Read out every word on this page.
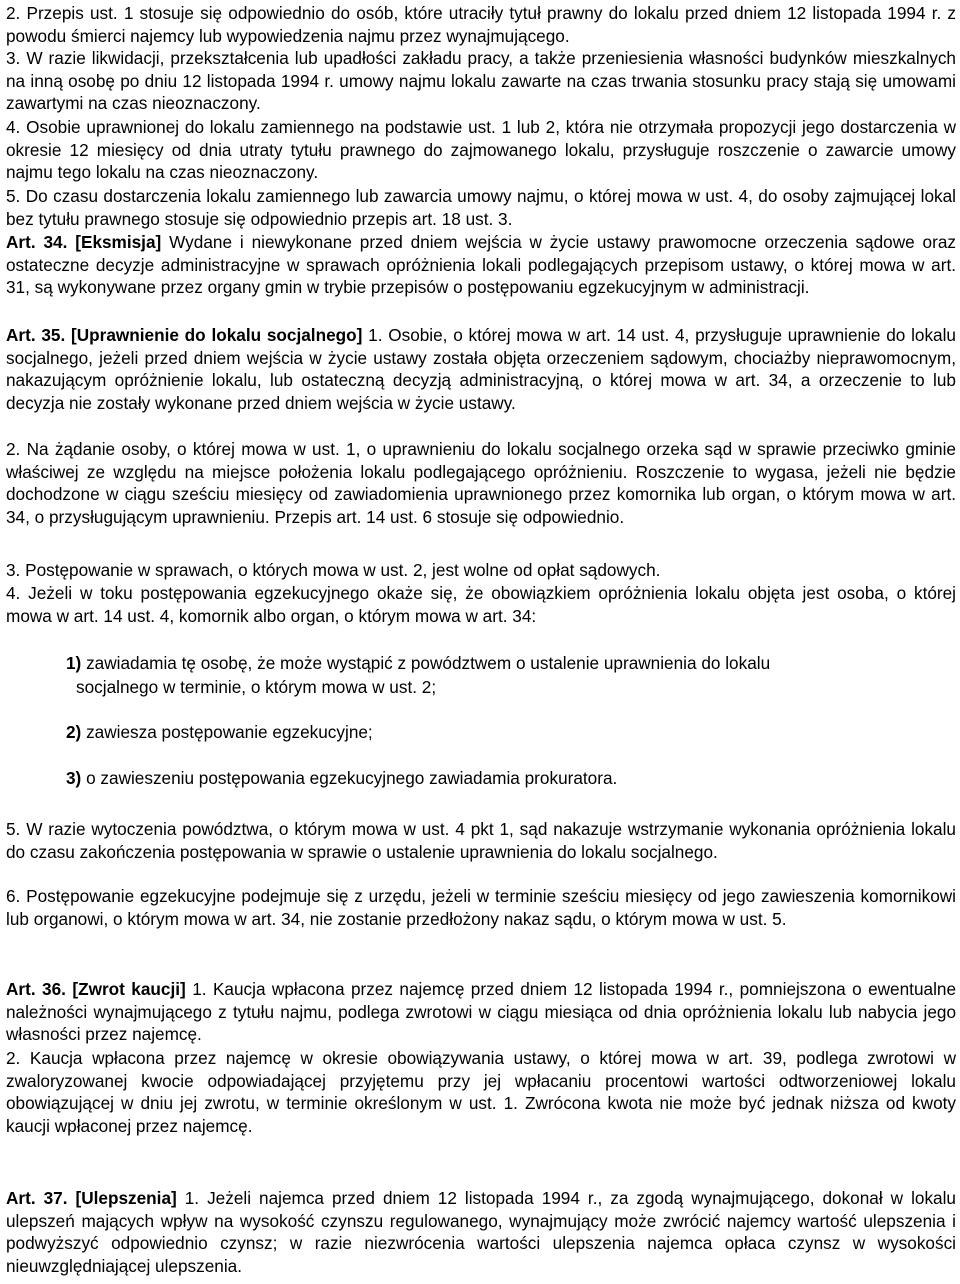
2. Przepis ust. 1 stosuje się odpowiednio do osób, które utraciły tytuł prawny do lokalu przed dniem 12 listopada 1994 r. z powodu śmierci najemcy lub wypowiedzenia najmu przez wynajmującego.
3. W razie likwidacji, przekształcenia lub upadłości zakładu pracy, a także przeniesienia własności budynków mieszkalnych na inną osobę po dniu 12 listopada 1994 r. umowy najmu lokalu zawarte na czas trwania stosunku pracy stają się umowami zawartymi na czas nieoznaczony.
4. Osobie uprawnionej do lokalu zamiennego na podstawie ust. 1 lub 2, która nie otrzymała propozycji jego dostarczenia w okresie 12 miesięcy od dnia utraty tytułu prawnego do zajmowanego lokalu, przysługuje roszczenie o zawarcie umowy najmu tego lokalu na czas nieoznaczony.
5. Do czasu dostarczenia lokalu zamiennego lub zawarcia umowy najmu, o której mowa w ust. 4, do osoby zajmującej lokal bez tytułu prawnego stosuje się odpowiednio przepis art. 18 ust. 3.
Art. 34. [Eksmisja] Wydane i niewykonane przed dniem wejścia w życie ustawy prawomocne orzeczenia sądowe oraz ostateczne decyzje administracyjne w sprawach opróżnienia lokali podlegających przepisom ustawy, o której mowa w art. 31, są wykonywane przez organy gmin w trybie przepisów o postępowaniu egzekucyjnym w administracji.
Art. 35. [Uprawnienie do lokalu socjalnego] 1. Osobie, o której mowa w art. 14 ust. 4, przysługuje uprawnienie do lokalu socjalnego, jeżeli przed dniem wejścia w życie ustawy została objęta orzeczeniem sądowym, chociażby nieprawomocnym, nakazującym opróżnienie lokalu, lub ostateczną decyzją administracyjną, o której mowa w art. 34, a orzeczenie to lub decyzja nie zostały wykonane przed dniem wejścia w życie ustawy.
2. Na żądanie osoby, o której mowa w ust. 1, o uprawnieniu do lokalu socjalnego orzeka sąd w sprawie przeciwko gminie właściwej ze względu na miejsce położenia lokalu podlegającego opróżnieniu. Roszczenie to wygasa, jeżeli nie będzie dochodzone w ciągu sześciu miesięcy od zawiadomienia uprawnionego przez komornika lub organ, o którym mowa w art. 34, o przysługującym uprawnieniu. Przepis art. 14 ust. 6 stosuje się odpowiednio.
3. Postępowanie w sprawach, o których mowa w ust. 2, jest wolne od opłat sądowych.
4. Jeżeli w toku postępowania egzekucyjnego okaże się, że obowiązkiem opróżnienia lokalu objęta jest osoba, o której mowa w art. 14 ust. 4, komornik albo organ, o którym mowa w art. 34:
1) zawiadamia tę osobę, że może wystąpić z powództwem o ustalenie uprawnienia do lokalu
socjalnego w terminie, o którym mowa w ust. 2;
2) zawiesza postępowanie egzekucyjne;
3) o zawieszeniu postępowania egzekucyjnego zawiadamia prokuratora.
5. W razie wytoczenia powództwa, o którym mowa w ust. 4 pkt 1, sąd nakazuje wstrzymanie wykonania opróżnienia lokalu do czasu zakończenia postępowania w sprawie o ustalenie uprawnienia do lokalu socjalnego.
6. Postępowanie egzekucyjne podejmuje się z urzędu, jeżeli w terminie sześciu miesięcy od jego zawieszenia komornikowi lub organowi, o którym mowa w art. 34, nie zostanie przedłożony nakaz sądu, o którym mowa w ust. 5.
Art. 36. [Zwrot kaucji] 1. Kaucja wpłacona przez najemcę przed dniem 12 listopada 1994 r., pomniejszona o ewentualne należności wynajmującego z tytułu najmu, podlega zwrotowi w ciągu miesiąca od dnia opróżnienia lokalu lub nabycia jego własności przez najemcę.
2. Kaucja wpłacona przez najemcę w okresie obowiązywania ustawy, o której mowa w art. 39, podlega zwrotowi w zwaloryzowanej kwocie odpowiadającej przyjętemu przy jej wpłacaniu procentowi wartości odtworzeniowej lokalu obowiązującej w dniu jej zwrotu, w terminie określonym w ust. 1. Zwrócona kwota nie może być jednak niższa od kwoty kaucji wpłaconej przez najemcę.
Art. 37. [Ulepszenia] 1. Jeżeli najemca przed dniem 12 listopada 1994 r., za zgodą wynajmującego, dokonał w lokalu ulepszeń mających wpływ na wysokość czynszu regulowanego, wynajmujący może zwrócić najemcy wartość ulepszenia i podwyższyć odpowiednio czynsz; w razie niezwrócenia wartości ulepszenia najemca opłaca czynsz w wysokości nieuwzględniającej ulepszenia.
